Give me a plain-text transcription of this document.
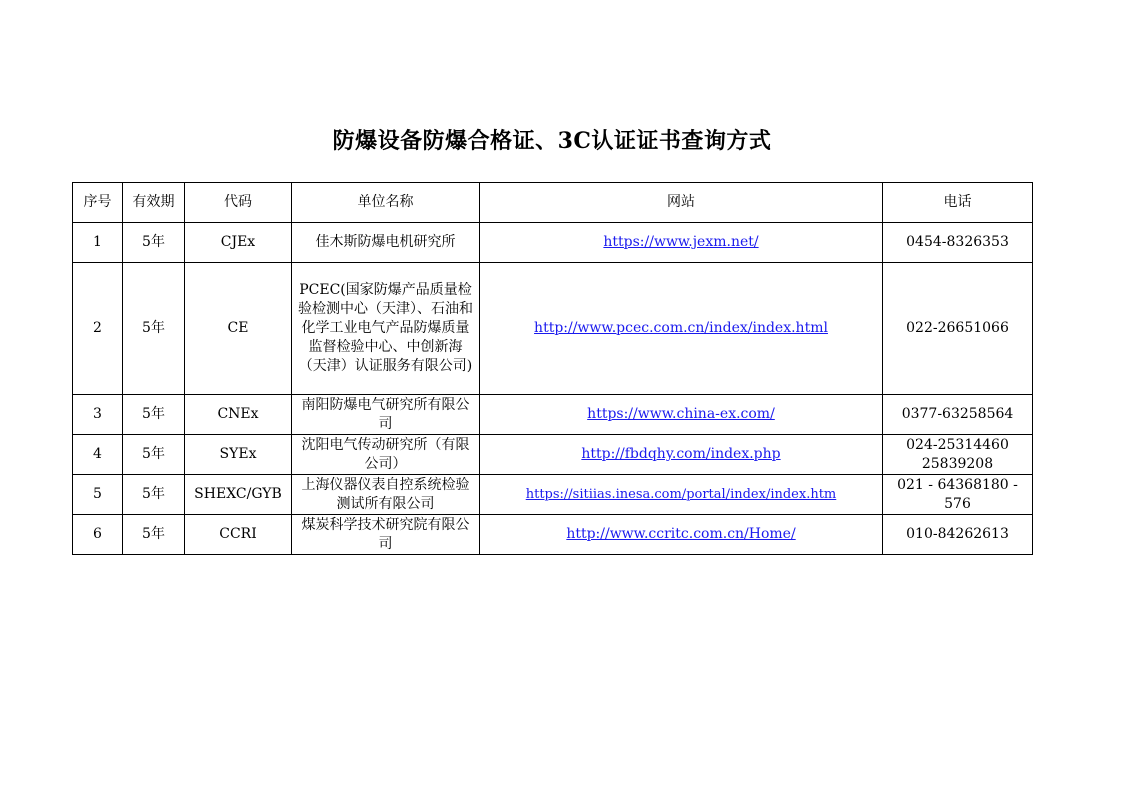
防爆设备防爆合格证、3C认证证书查询方式
序号	有效期	代码	单位名称	网站	电话
1	5年	CJEx	佳木斯防爆电机研究所	https://www.jexm.net/	0454-8326353
2	5年	CE	PCEC(国家防爆产品质量检验检测中心（天津）、石油和化学工业电气产品防爆质量监督检验中心、中创新海（天津）认证服务有限公司)	http://www.pcec.com.cn/index/index.html	022-26651066
3	5年	CNEx	南阳防爆电气研究所有限公司	https://www.china-ex.com/	0377-63258564
4	5年	SYEx	沈阳电气传动研究所（有限公司）	http://fbdqhy.com/index.php	024-25314460 25839208
5	5年	SHEXC/GYB	上海仪器仪表自控系统检验测试所有限公司	https://sitiias.inesa.com/portal/index/index.htm	021 - 64368180 - 576
6	5年	CCRI	煤炭科学技术研究院有限公司	http://www.ccritc.com.cn/Home/	010-84262613
